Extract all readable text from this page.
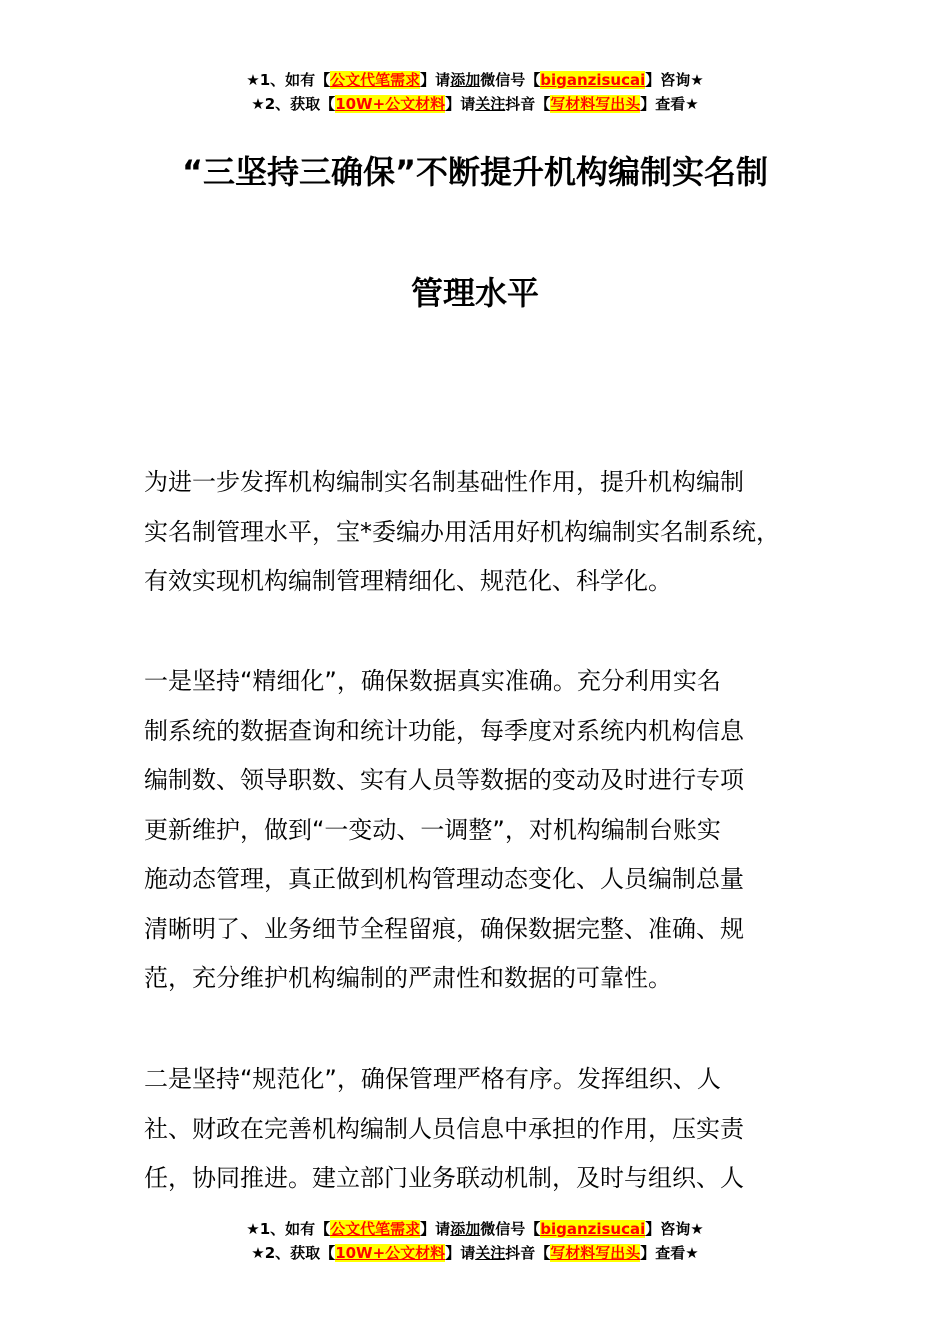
★1、如有【公文代笔需求】请添加微信号【biganzisucai】咨询★
★2、获取【10W+公文材料】请关注抖音【写材料写出头】查看★
“三坚持三确保”不断提升机构编制实名制
管理水平
为进一步发挥机构编制实名制基础性作用，提升机构编制
实名制管理水平，宝*委编办用活用好机构编制实名制系统，
有效实现机构编制管理精细化、规范化、科学化。
一是坚持“精细化”，确保数据真实准确。充分利用实名
制系统的数据查询和统计功能，每季度对系统内机构信息
编制数、领导职数、实有人员等数据的变动及时进行专项
更新维护，做到“一变动、一调整”，对机构编制台账实
施动态管理，真正做到机构管理动态变化、人员编制总量
清晰明了、业务细节全程留痕，确保数据完整、准确、规
范，充分维护机构编制的严肃性和数据的可靠性。
二是坚持“规范化”，确保管理严格有序。发挥组织、人
社、财政在完善机构编制人员信息中承担的作用，压实责
任，协同推进。建立部门业务联动机制，及时与组织、人
★1、如有【公文代笔需求】请添加微信号【biganzisucai】咨询★
★2、获取【10W+公文材料】请关注抖音【写材料写出头】查看★
